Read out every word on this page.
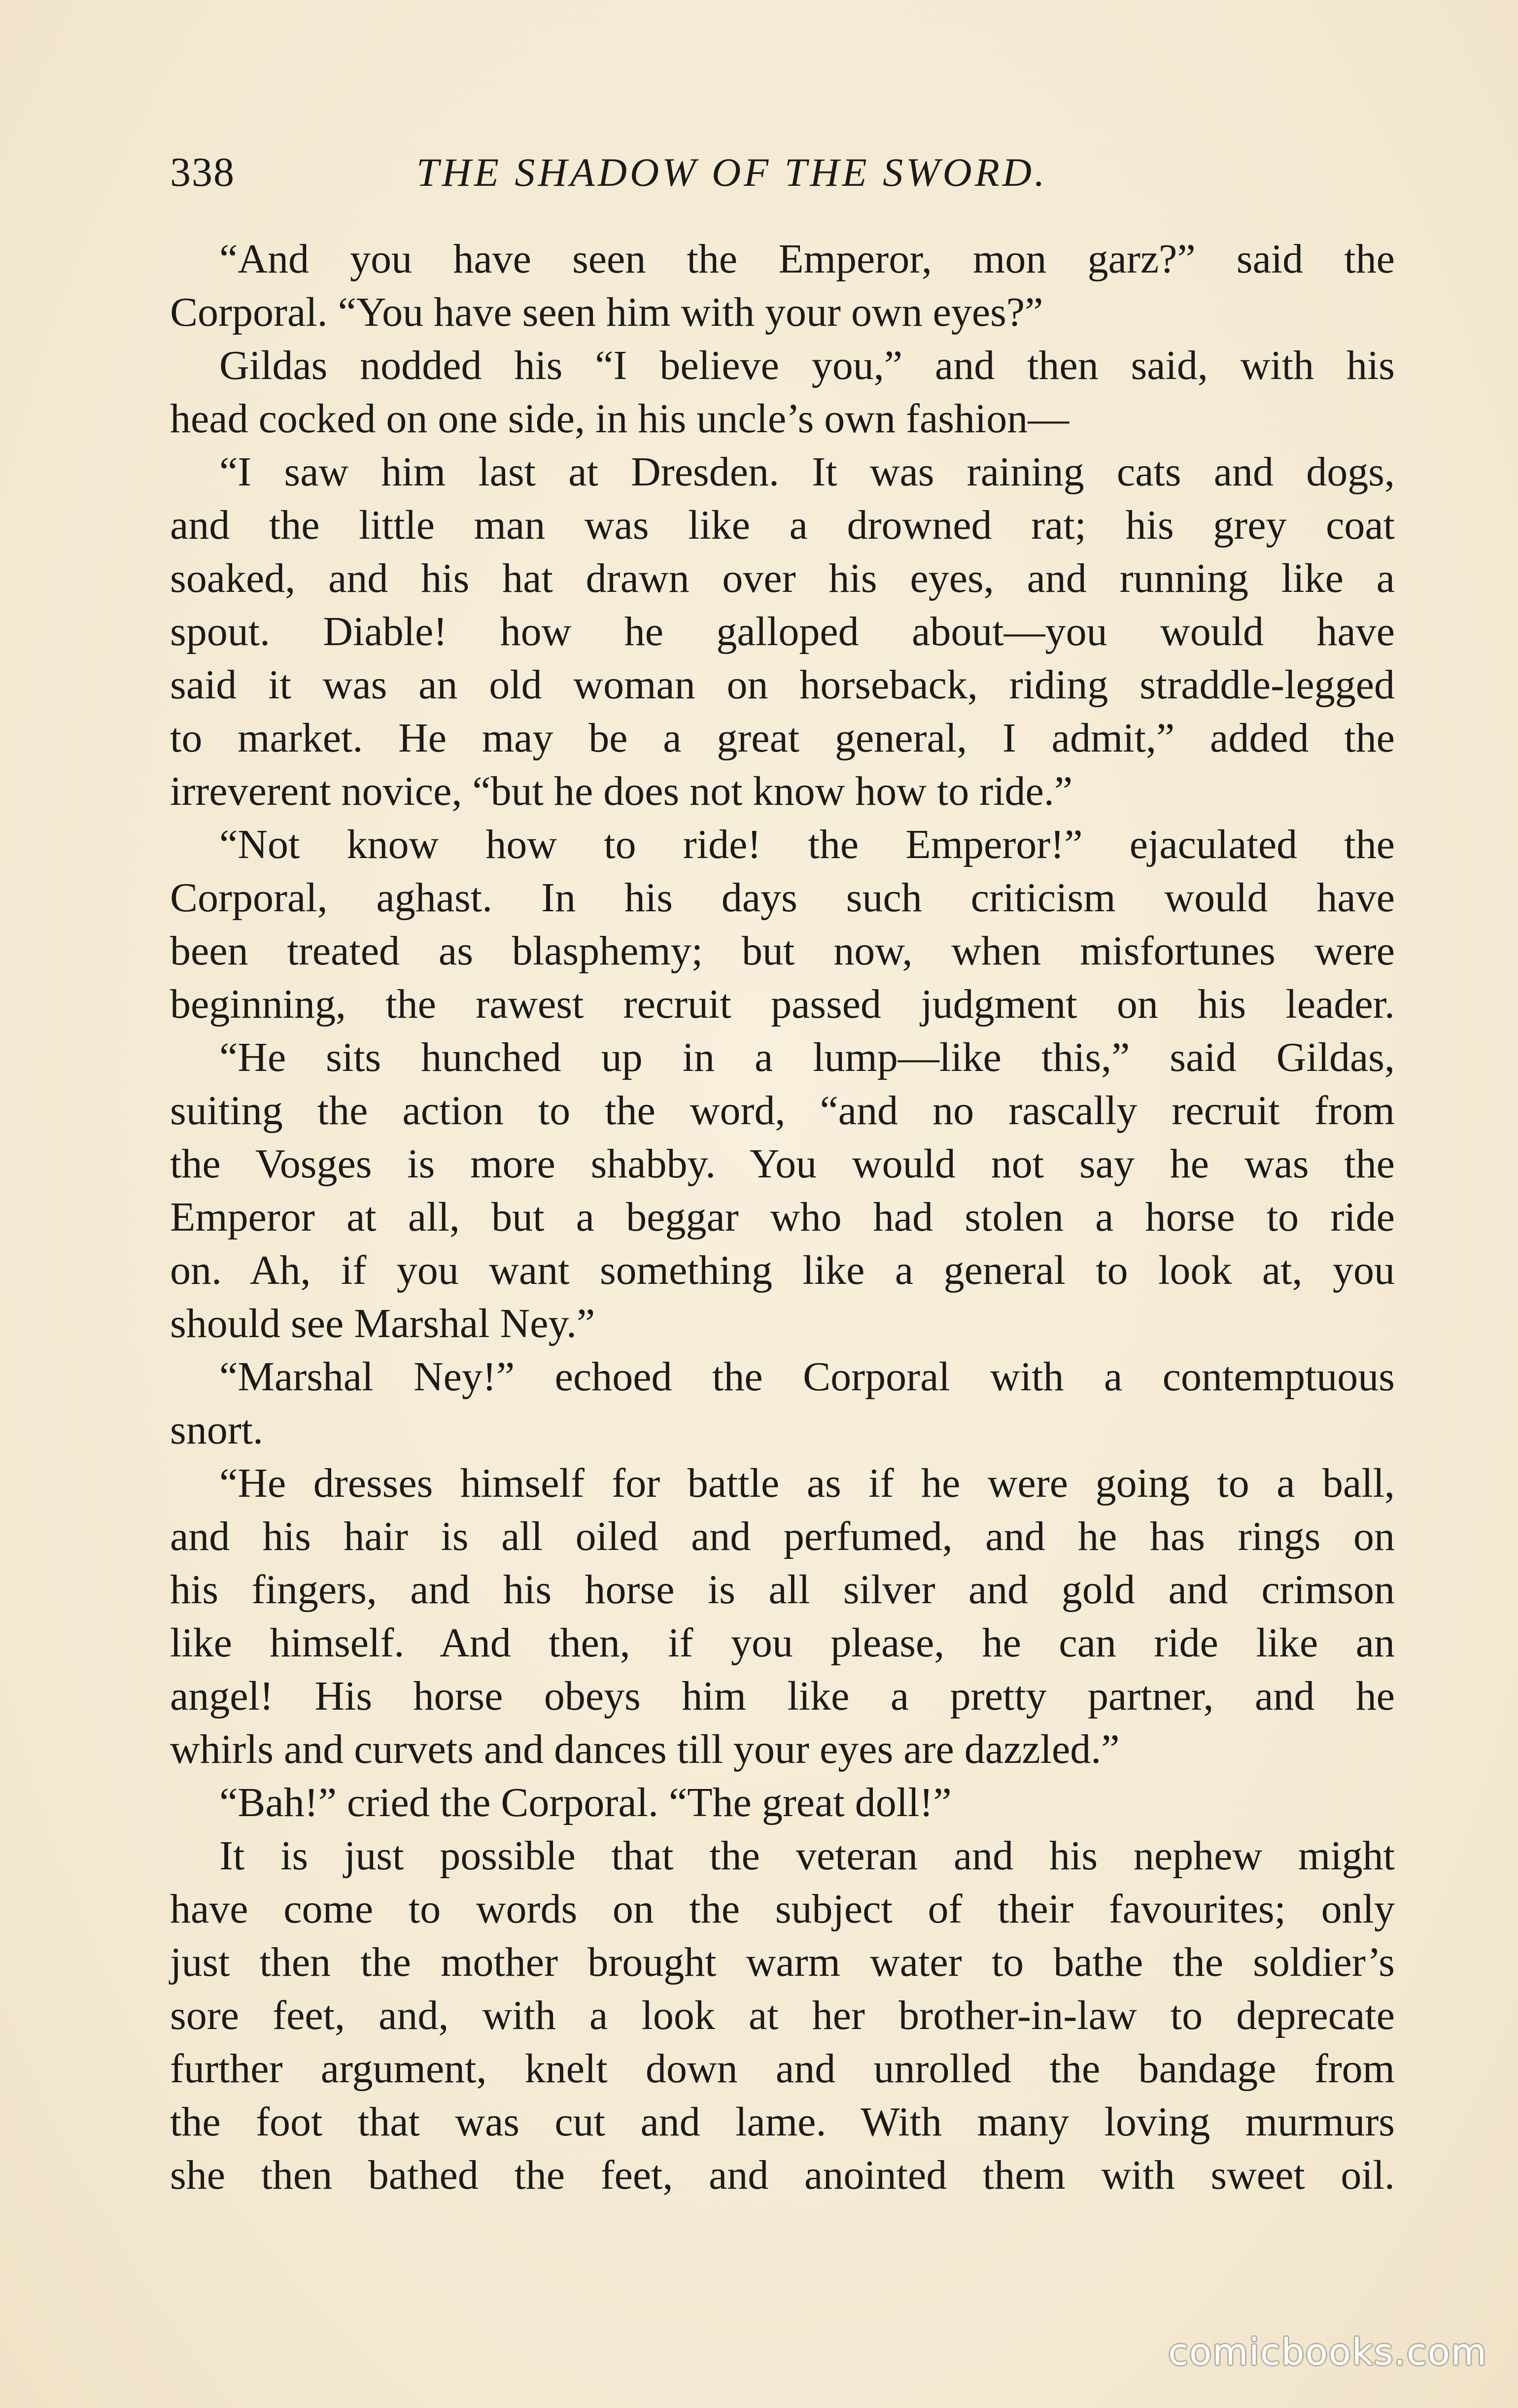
338	THE SHADOW OF THE SWORD.
“And you have seen the Emperor, mon garz?” said the
Corporal. “You have seen him with your own eyes?”
Gildas nodded his “I believe you,” and then said, with his
head cocked on one side, in his uncle’s own fashion—
“I saw him last at Dresden. It was raining cats and dogs,
and the little man was like a drowned rat; his grey coat
soaked, and his hat drawn over his eyes, and running like a
spout. Diable! how he galloped about—you would have
said it was an old woman on horseback, riding straddle-legged
to market. He may be a great general, I admit,” added the
irreverent novice, “but he does not know how to ride.”
“Not know how to ride! the Emperor!” ejaculated the
Corporal, aghast. In his days such criticism would have
been treated as blasphemy; but now, when misfortunes were
beginning, the rawest recruit passed judgment on his leader.
“He sits hunched up in a lump—like this,” said Gildas,
suiting the action to the word, “and no rascally recruit from
the Vosges is more shabby. You would not say he was the
Emperor at all, but a beggar who had stolen a horse to ride
on. Ah, if you want something like a general to look at, you
should see Marshal Ney.”
“Marshal Ney!” echoed the Corporal with a contemptuous
snort.
“He dresses himself for battle as if he were going to a ball,
and his hair is all oiled and perfumed, and he has rings on
his fingers, and his horse is all silver and gold and crimson
like himself. And then, if you please, he can ride like an
angel! His horse obeys him like a pretty partner, and he
whirls and curvets and dances till your eyes are dazzled.”
“Bah!” cried the Corporal. “The great doll!”
It is just possible that the veteran and his nephew might
have come to words on the subject of their favourites; only
just then the mother brought warm water to bathe the soldier’s
sore feet, and, with a look at her brother-in-law to deprecate
further argument, knelt down and unrolled the bandage from
the foot that was cut and lame. With many loving murmurs
she then bathed the feet, and anointed them with sweet oil.
comicbooks.com
